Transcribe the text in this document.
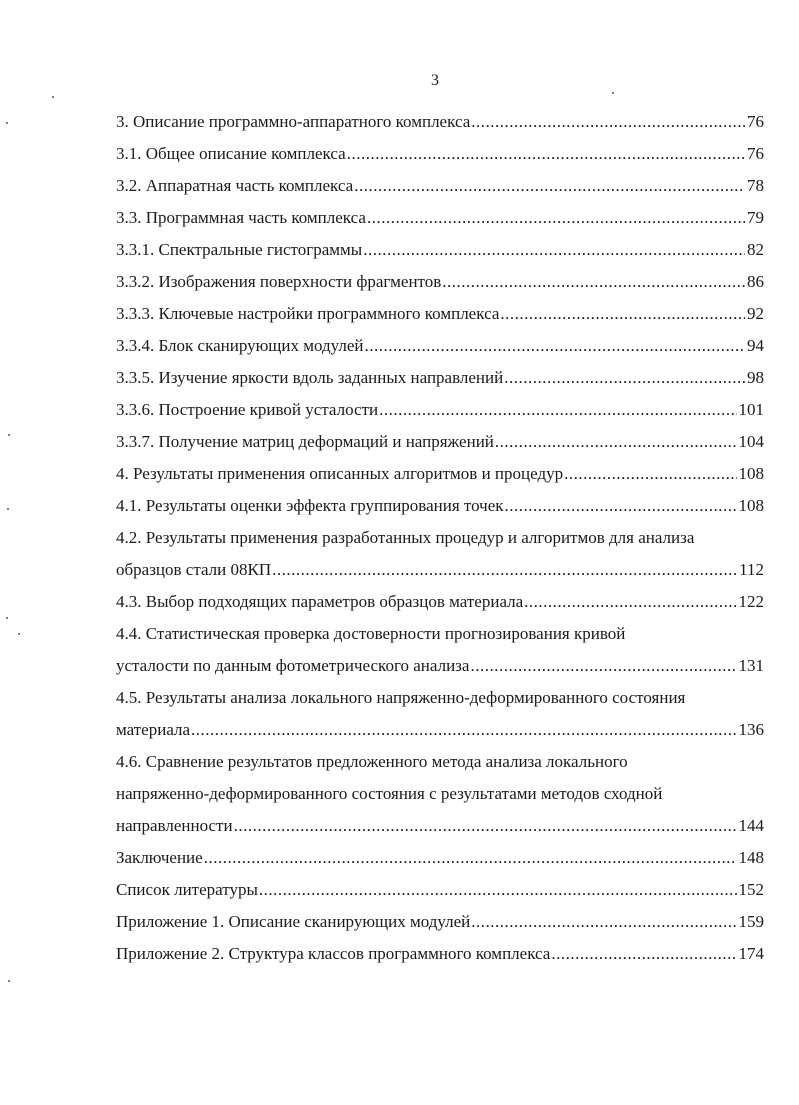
3
3. Описание программно-аппаратного комплекса .....	76
3.1. Общее описание комплекса .....	76
3.2. Аппаратная часть комплекса .....	78
3.3. Программная часть комплекса .....	79
3.3.1. Спектральные гистограммы .....	82
3.3.2. Изображения поверхности фрагментов .....	86
3.3.3. Ключевые настройки программного комплекса .....	92
3.3.4. Блок сканирующих модулей .....	94
3.3.5. Изучение яркости вдоль заданных направлений .....	98
3.3.6. Построение кривой усталости .....	101
3.3.7. Получение матриц деформаций и напряжений .....	104
4. Результаты применения описанных алгоритмов и процедур .....	108
4.1. Результаты оценки эффекта группирования точек .....	108
4.2. Результаты применения разработанных процедур и алгоритмов для анализа
образцов стали 08КП .....	112
4.3. Выбор подходящих параметров образцов материала .....	122
4.4. Статистическая проверка достоверности прогнозирования кривой
усталости по данным фотометрического анализа .....	131
4.5. Результаты анализа локального напряженно-деформированного состояния
материала .....	136
4.6. Сравнение результатов предложенного метода анализа локального
напряженно-деформированного состояния с результатами методов сходной
направленности .....	144
Заключение .....	148
Список литературы .....	152
Приложение 1. Описание сканирующих модулей .....	159
Приложение 2. Структура классов программного комплекса .....	174
